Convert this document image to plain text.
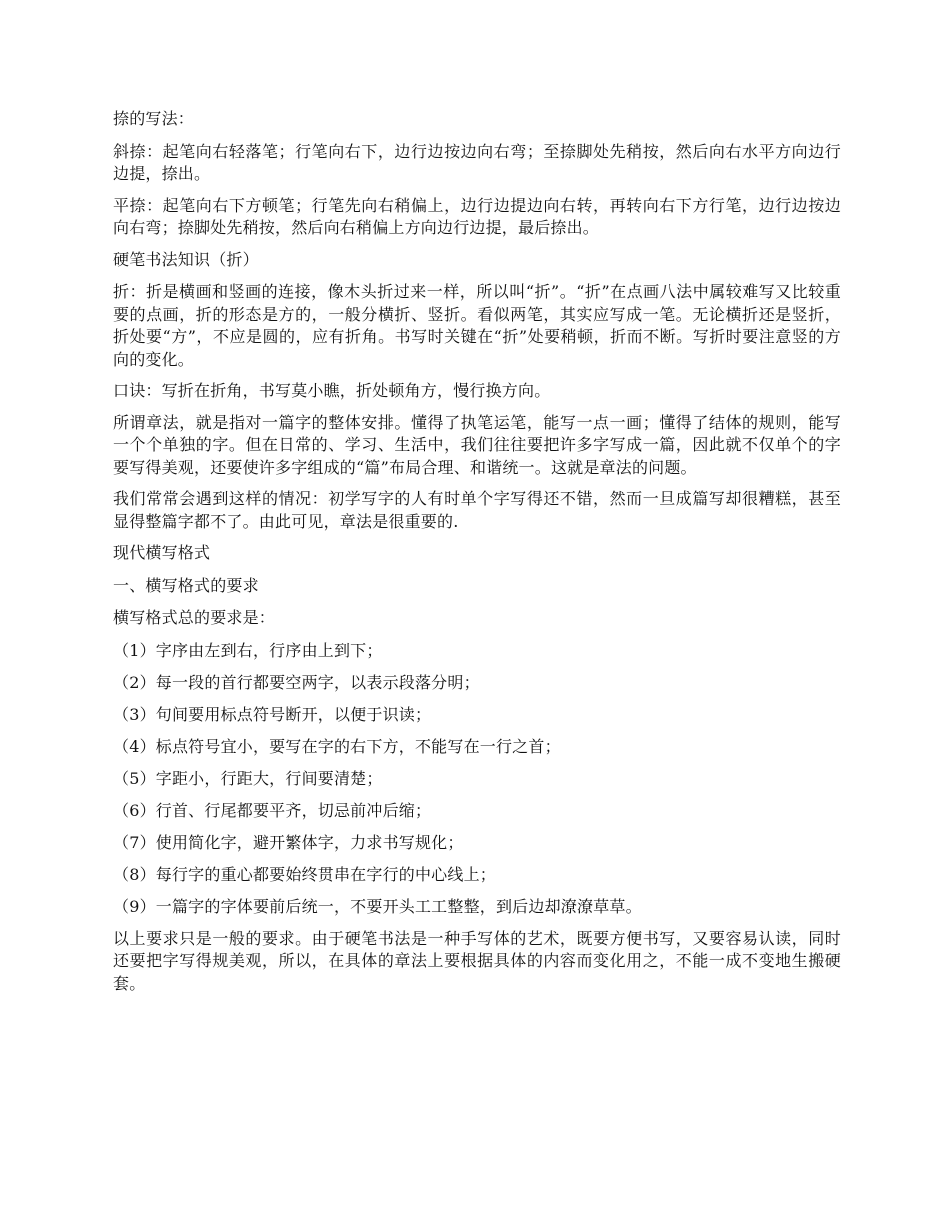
捺的写法：

斜捺：起笔向右轻落笔；行笔向右下，边行边按边向右弯；至捺脚处先稍按，然后向右水平方向边行边提，捺出。

平捺：起笔向右下方顿笔；行笔先向右稍偏上，边行边提边向右转，再转向右下方行笔，边行边按边向右弯；捺脚处先稍按，然后向右稍偏上方向边行边提，最后捺出。

硬笔书法知识（折）

折：折是横画和竖画的连接，像木头折过来一样，所以叫“折”。“折”在点画八法中属较难写又比较重要的点画，折的形态是方的，一般分横折、竖折。看似两笔，其实应写成一笔。无论横折还是竖折，折处要“方”，不应是圆的，应有折角。书写时关键在“折”处要稍顿，折而不断。写折时要注意竖的方向的变化。

口诀：写折在折角，书写莫小瞧，折处顿角方，慢行换方向。

所谓章法，就是指对一篇字的整体安排。懂得了执笔运笔，能写一点一画；懂得了结体的规则，能写一个个单独的字。但在日常的、学习、生活中，我们往往要把许多字写成一篇，因此就不仅单个的字要写得美观，还要使许多字组成的“篇”布局合理、和谐统一。这就是章法的问题。

我们常常会遇到这样的情况：初学写字的人有时单个字写得还不错，然而一旦成篇写却很糟糕，甚至显得整篇字都不了。由此可见，章法是很重要的.

现代横写格式

一、横写格式的要求

横写格式总的要求是：

（1）字序由左到右，行序由上到下；

（2）每一段的首行都要空两字，以表示段落分明；

（3）句间要用标点符号断开，以便于识读；

（4）标点符号宜小，要写在字的右下方，不能写在一行之首；

（5）字距小，行距大，行间要清楚；

（6）行首、行尾都要平齐，切忌前冲后缩；

（7）使用简化字，避开繁体字，力求书写规化；

（8）每行字的重心都要始终贯串在字行的中心线上；

（9）一篇字的字体要前后统一，不要开头工工整整，到后边却潦潦草草。

以上要求只是一般的要求。由于硬笔书法是一种手写体的艺术，既要方便书写，又要容易认读，同时还要把字写得规美观，所以，在具体的章法上要根据具体的内容而变化用之，不能一成不变地生搬硬套。
